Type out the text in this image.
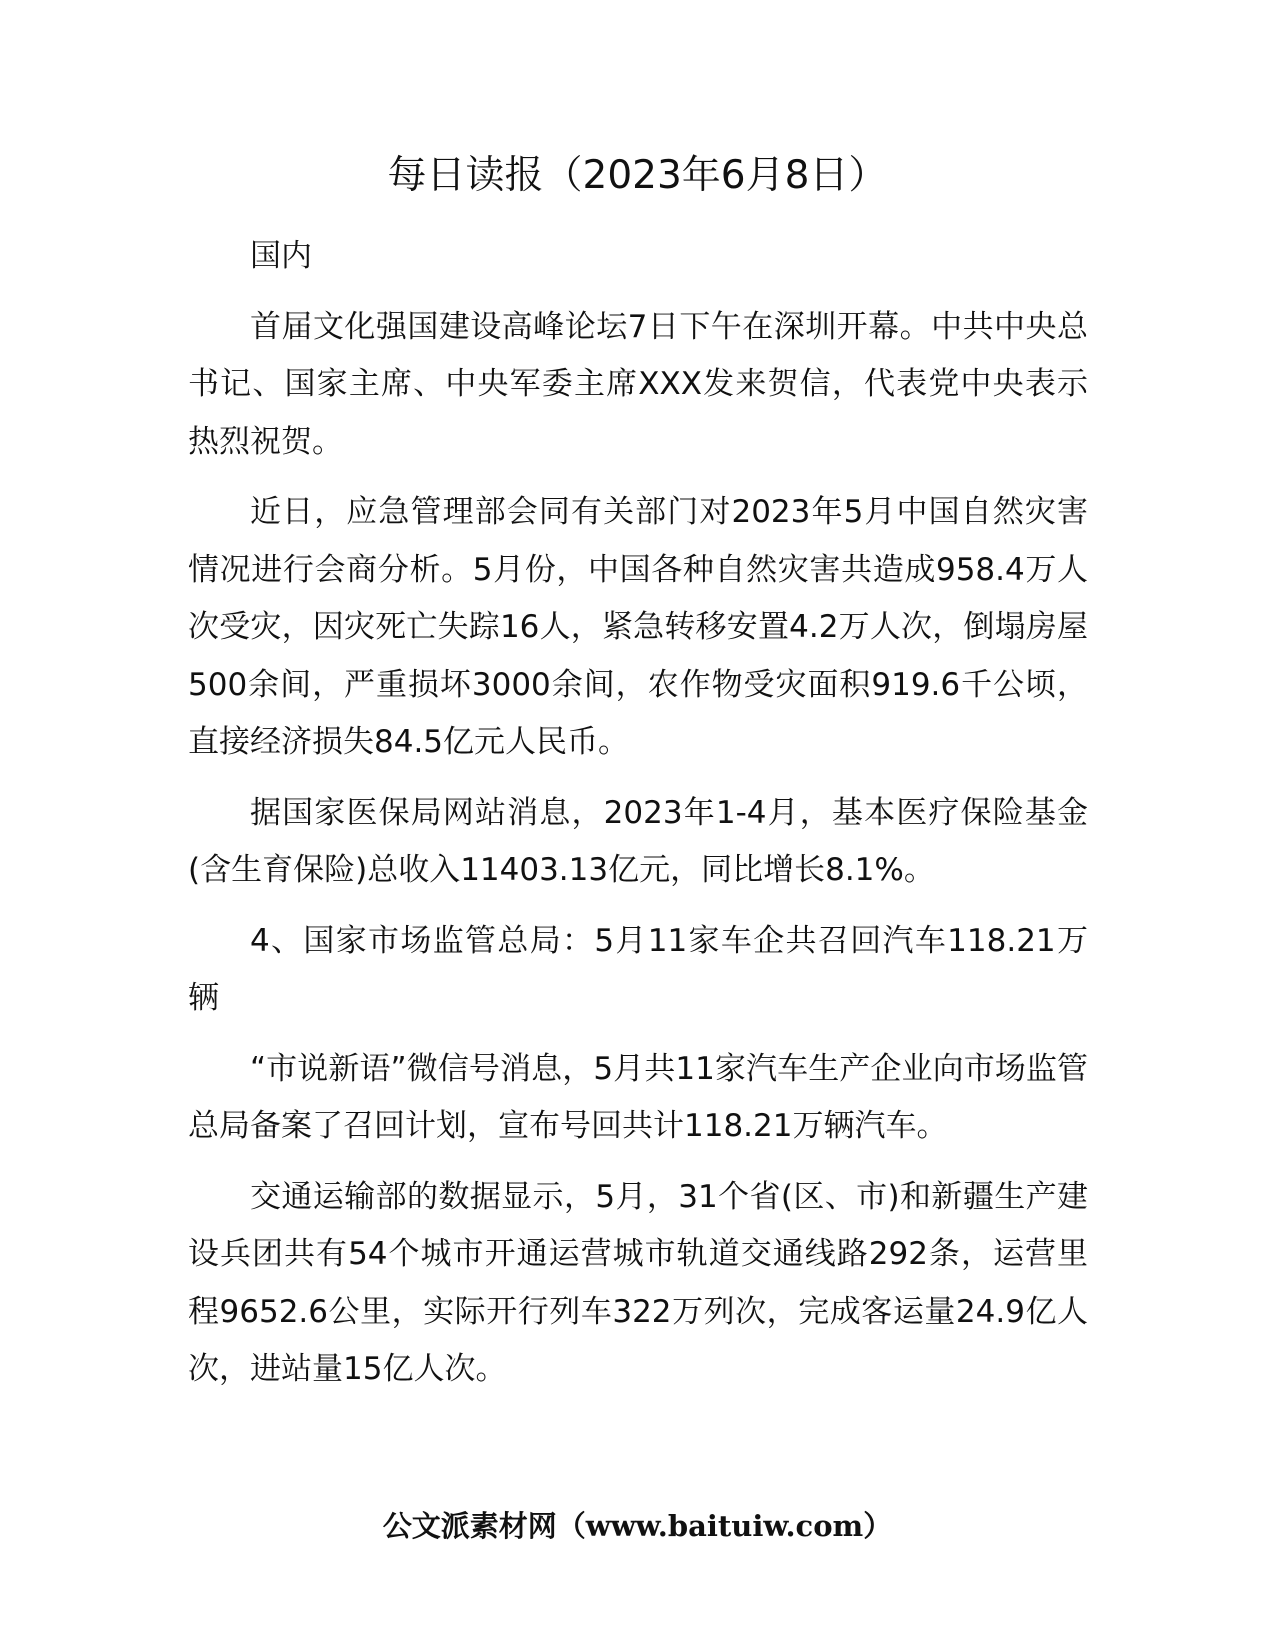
每日读报（2023年6月8日）

国内

首届文化强国建设高峰论坛7日下午在深圳开幕。中共中央总书记、国家主席、中央军委主席XXX发来贺信，代表党中央表示热烈祝贺。

近日，应急管理部会同有关部门对2023年5月中国自然灾害情况进行会商分析。5月份，中国各种自然灾害共造成958.4万人次受灾，因灾死亡失踪16人，紧急转移安置4.2万人次，倒塌房屋500余间，严重损坏3000余间，农作物受灾面积919.6千公顷，直接经济损失84.5亿元人民币。

据国家医保局网站消息，2023年1-4月，基本医疗保险基金(含生育保险)总收入11403.13亿元，同比增长8.1%。

4、国家市场监管总局：5月11家车企共召回汽车118.21万辆

“市说新语”微信号消息，5月共11家汽车生产企业向市场监管总局备案了召回计划，宣布号回共计118.21万辆汽车。

交通运输部的数据显示，5月，31个省(区、市)和新疆生产建设兵团共有54个城市开通运营城市轨道交通线路292条，运营里程9652.6公里，实际开行列车322万列次，完成客运量24.9亿人次，进站量15亿人次。

公文派素材网（www.baituiw.com）
